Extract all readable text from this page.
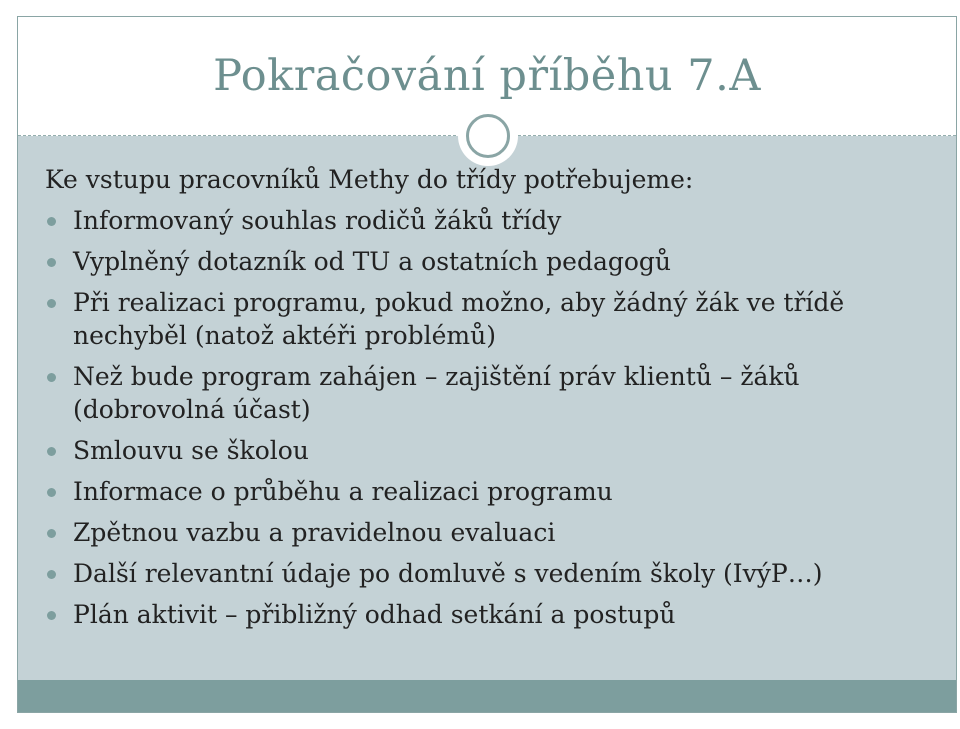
Pokračování příběhu 7.A
Ke vstupu pracovníků Methy do třídy potřebujeme:
Informovaný souhlas rodičů žáků třídy
Vyplněný dotazník od TU a ostatních pedagogů
Při realizaci programu, pokud možno, aby žádný žák ve třídě nechyběl (natož aktéři problémů)
Než bude program zahájen – zajištění práv klientů – žáků (dobrovolná účast)
Smlouvu se školou
Informace o průběhu a realizaci programu
Zpětnou vazbu a pravidelnou evaluaci
Další relevantní údaje po domluvě s vedením školy (IvýP…)
Plán aktivit – přibližný odhad setkání a postupů
